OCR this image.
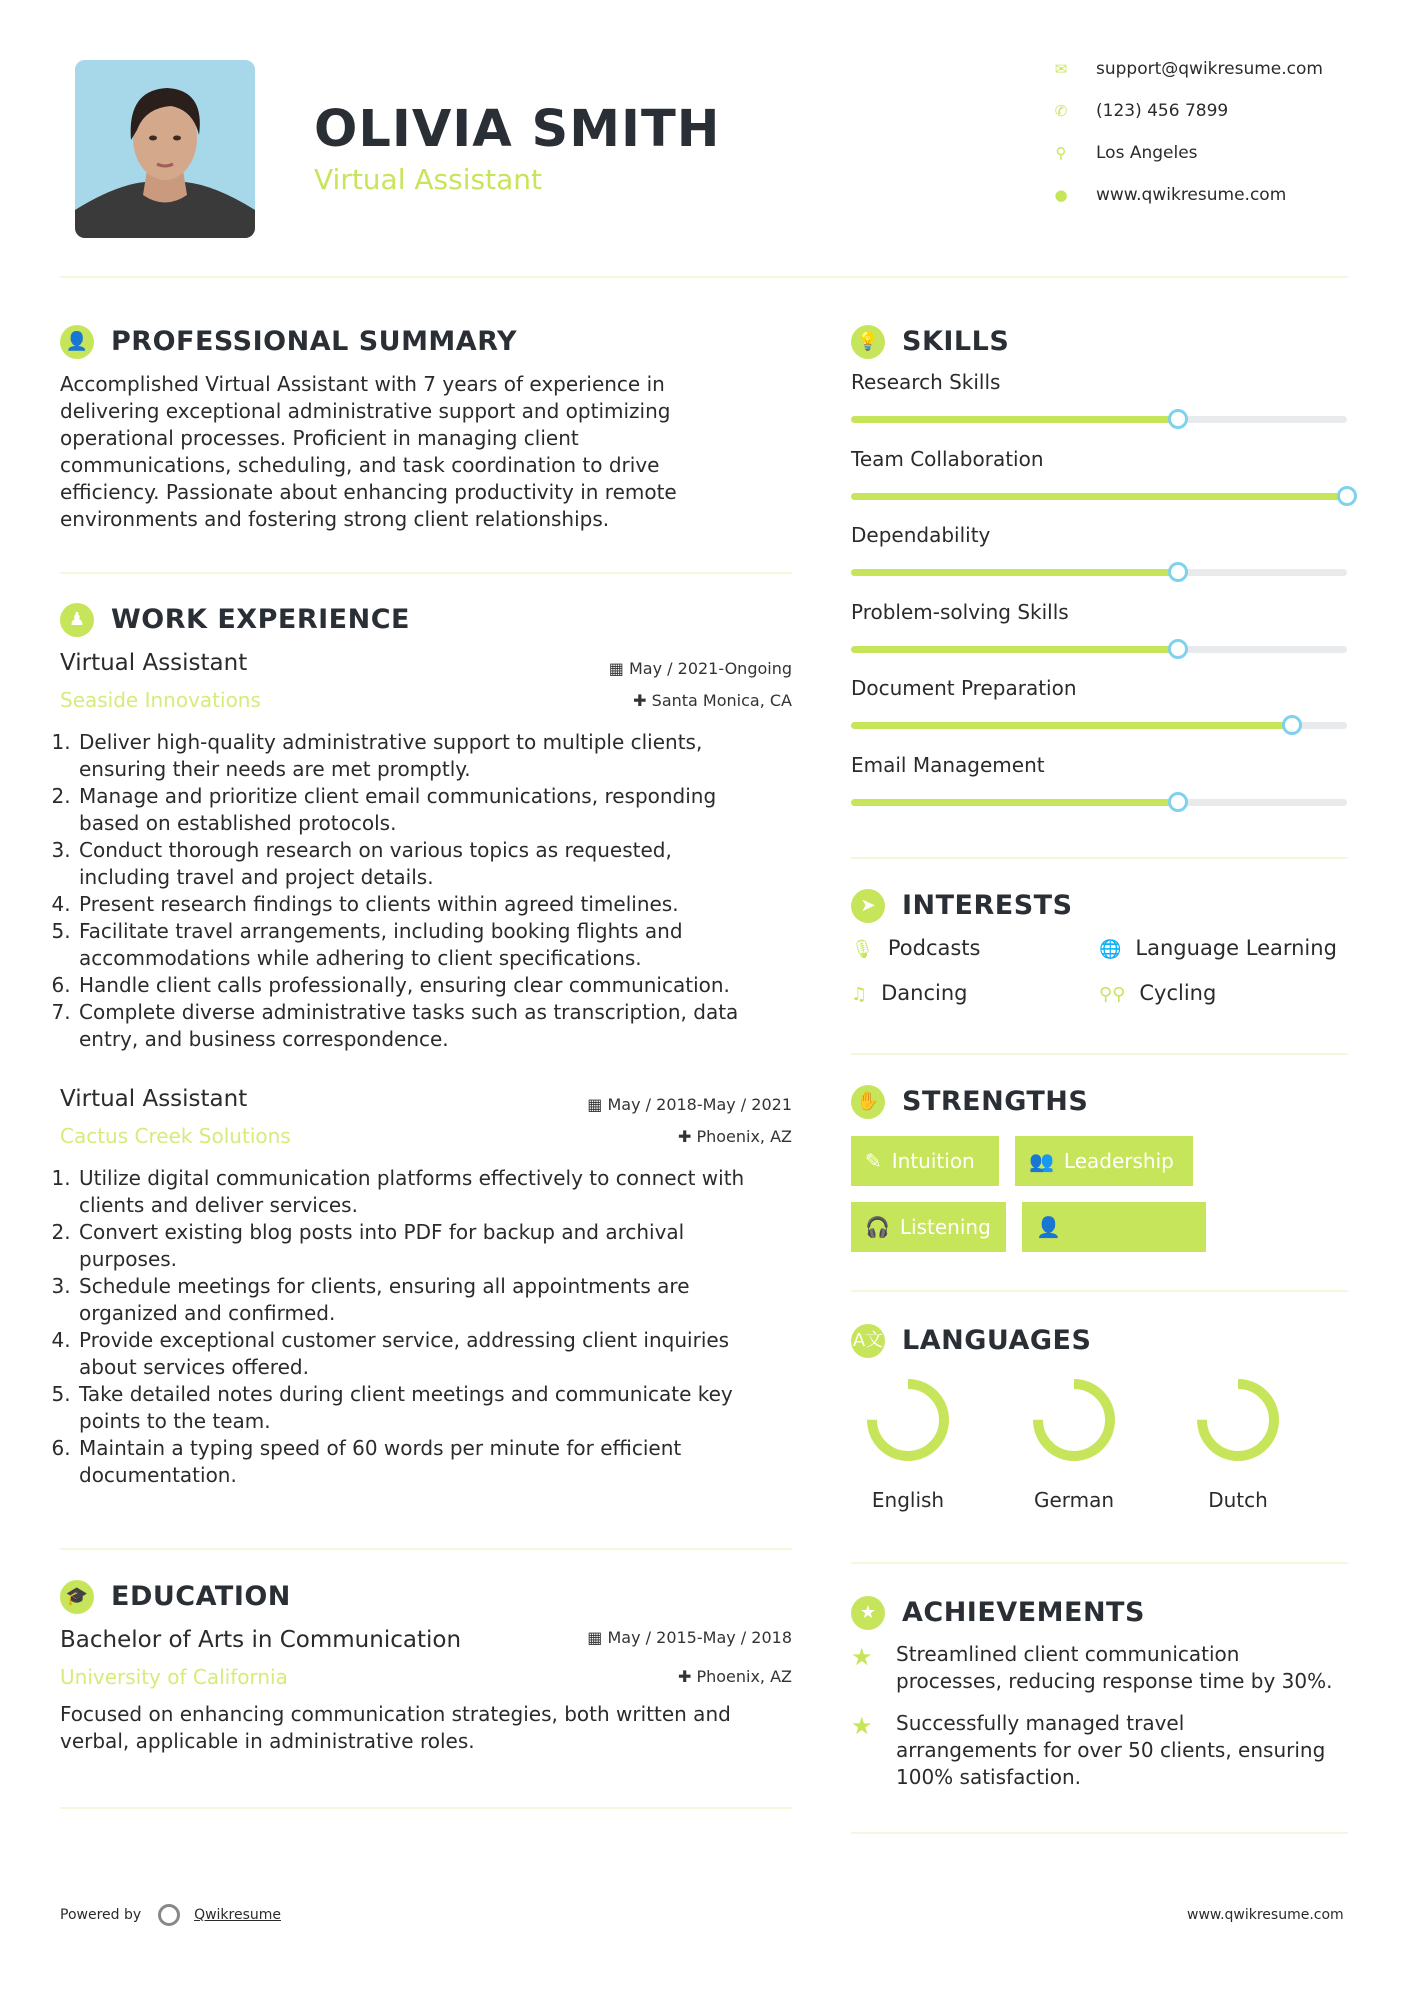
OLIVIA SMITH
Virtual Assistant
✉ support@qwikresume.com
✆ (123) 456 7899
⚲ Los Angeles
● www.qwikresume.com
👤 PROFESSIONAL SUMMARY
Accomplished Virtual Assistant with 7 years of experience in
delivering exceptional administrative support and optimizing
operational processes. Proficient in managing client
communications, scheduling, and task coordination to drive
efficiency. Passionate about enhancing productivity in remote
environments and fostering strong client relationships.
♟ WORK EXPERIENCE
Virtual Assistant
Seaside Innovations
▦ May / 2021-Ongoing
✚ Santa Monica, CA
1. Deliver high-quality administrative support to multiple clients,
ensuring their needs are met promptly.
2. Manage and prioritize client email communications, responding
based on established protocols.
3. Conduct thorough research on various topics as requested,
including travel and project details.
4. Present research findings to clients within agreed timelines.
5. Facilitate travel arrangements, including booking flights and
accommodations while adhering to client specifications.
6. Handle client calls professionally, ensuring clear communication.
7. Complete diverse administrative tasks such as transcription, data
entry, and business correspondence.
Virtual Assistant
Cactus Creek Solutions
▦ May / 2018-May / 2021
✚ Phoenix, AZ
1. Utilize digital communication platforms effectively to connect with
clients and deliver services.
2. Convert existing blog posts into PDF for backup and archival
purposes.
3. Schedule meetings for clients, ensuring all appointments are
organized and confirmed.
4. Provide exceptional customer service, addressing client inquiries
about services offered.
5. Take detailed notes during client meetings and communicate key
points to the team.
6. Maintain a typing speed of 60 words per minute for efficient
documentation.
🎓 EDUCATION
Bachelor of Arts in Communication
University of California
▦ May / 2015-May / 2018
✚ Phoenix, AZ
Focused on enhancing communication strategies, both written and
verbal, applicable in administrative roles.
💡 SKILLS
Research Skills
Team Collaboration
Dependability
Problem-solving Skills
Document Preparation
Email Management
➤ INTERESTS
🎙 Podcasts	🌐 Language Learning
♫ Dancing	⚲⚲ Cycling
✋ STRENGTHS
✎ Intuition	👥 Leadership
🎧 Listening	👤+ Mentorship
A文 LANGUAGES
English	German	Dutch
★ ACHIEVEMENTS
★ Streamlined client communication
processes, reducing response time by 30%.
★ Successfully managed travel
arrangements for over 50 clients, ensuring
100% satisfaction.
Powered by	Qwikresume	www.qwikresume.com
